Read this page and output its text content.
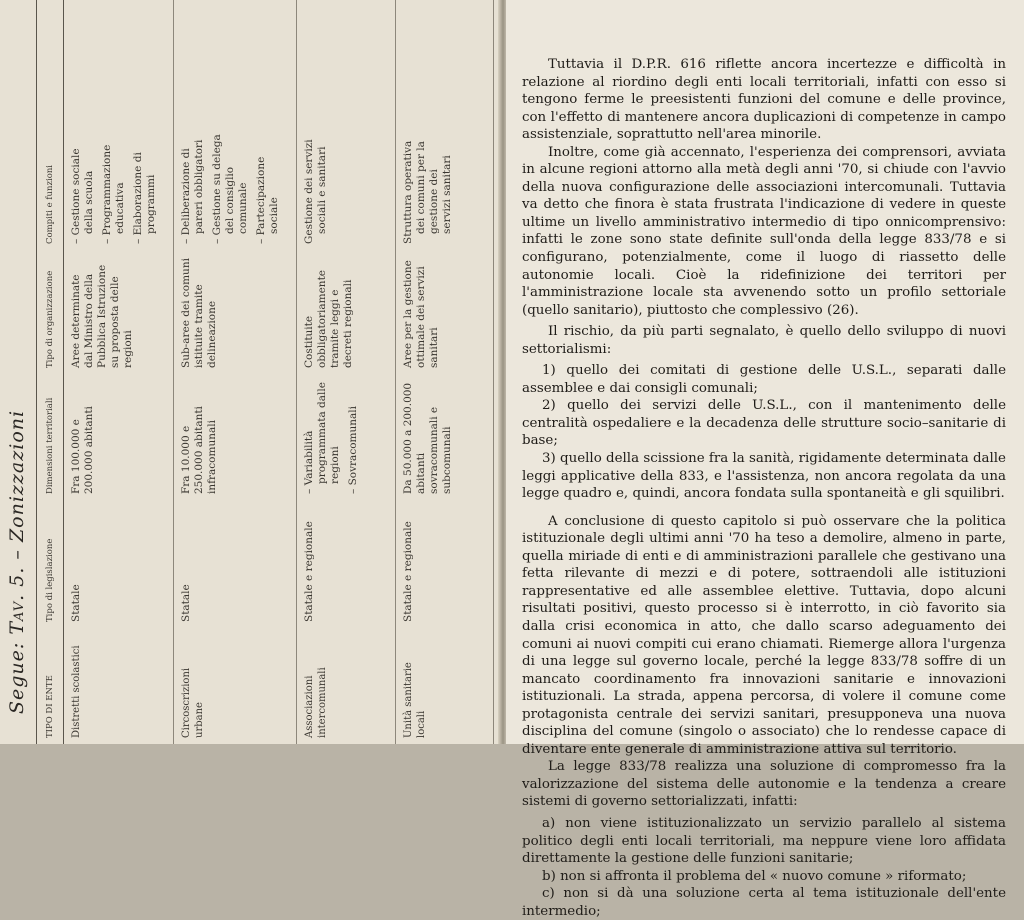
Segue: Tav. 5. – Zonizzazioni
TIPO DI ENTE	Tipo di legislazione	Dimensioni territoriali	Tipo di organizzazione	Compiti e funzioni	
Distretti scolastici	Statale	Fra 100.000 e 200.000 abitanti	Aree determinate dal Ministro della Pubblica Istruzione su proposta delle regioni	– Gestione sociale della scuola – Programmazione educativa – Elaborazione di programmi	

Circoscrizioni urbane	Statale	Fra 10.000 e 250.000 abitanti infracomunali	Sub-aree dei comuni istituite tramite delineazione	– Deliberazione di pareri obbligatori – Gestione su delega del consiglio comunale – Partecipazione sociale	

Associazioni intercomunali	Statale e regionale	– Variabilità programmata dalle regioni – Sovracomunali	Costituite obbligatoriamente tramite leggi e decreti regionali	Gestione dei servizi sociali e sanitari	

Unità sanitarie locali	Statale e regionale	Da 50.000 a 200.000 abitanti sovracomunali e subcomunali	Aree per la gestione ottimale dei servizi sanitari	Struttura operativa dei comuni per la gestione dei servizi sanitari	

Tuttavia il D.P.R. 616 riflette ancora incertezze e difficoltà in relazione al riordino degli enti locali territoriali, infatti con esso si tengono ferme le preesistenti funzioni del comune e delle province, con l'effetto di mantenere ancora duplicazioni di competenze in campo assistenziale, soprattutto nell'area minorile.

Inoltre, come già accennato, l'esperienza dei comprensori, avviata in alcune regioni attorno alla metà degli anni '70, si chiude con l'avvio della nuova configurazione delle associazioni intercomunali. Tuttavia va detto che finora è stata frustrata l'indicazione di vedere in queste ultime un livello amministrativo intermedio di tipo onnicomprensivo: infatti le zone sono state definite sull'onda della legge 833/78 e si configurano, potenzialmente, come il luogo di riassetto delle autonomie locali. Cioè la ridefinizione dei territori per l'amministrazione locale sta avvenendo sotto un profilo settoriale (quello sanitario), piuttosto che complessivo (26).

Il rischio, da più parti segnalato, è quello dello sviluppo di nuovi settorialismi:

1) quello dei comitati di gestione delle U.S.L., separati dalle assemblee e dai consigli comunali;

2) quello dei servizi delle U.S.L., con il mantenimento delle centralità ospedaliere e la decadenza delle strutture socio–sanitarie di base;

3) quello della scissione fra la sanità, rigidamente determinata dalle leggi applicative della 833, e l'assistenza, non ancora regolata da una legge quadro e, quindi, ancora fondata sulla spontaneità e gli squilibri.

A conclusione di questo capitolo si può osservare che la politica istituzionale degli ultimi anni '70 ha teso a demolire, almeno in parte, quella miriade di enti e di amministrazioni parallele che gestivano una fetta rilevante di mezzi e di potere, sottraendoli alle istituzioni rappresentative ed alle assemblee elettive. Tuttavia, dopo alcuni risultati positivi, questo processo si è interrotto, in ciò favorito sia dalla crisi economica in atto, che dallo scarso adeguamento dei comuni ai nuovi compiti cui erano chiamati. Riemerge allora l'urgenza di una legge sul governo locale, perché la legge 833/78 soffre di un mancato coordinamento fra innovazioni sanitarie e innovazioni istituzionali. La strada, appena percorsa, di volere il comune come protagonista centrale dei servizi sanitari, presupponeva una nuova disciplina del comune (singolo o associato) che lo rendesse capace di diventare ente generale di amministrazione attiva sul territorio.

La legge 833/78 realizza una soluzione di compromesso fra la valorizzazione del sistema delle autonomie e la tendenza a creare sistemi di governo settorializzati, infatti:

a) non viene istituzionalizzato un servizio parallelo al sistema politico degli enti locali territoriali, ma neppure viene loro affidata direttamente la gestione delle funzioni sanitarie;

b) non si affronta il problema del « nuovo comune » riformato;

c) non si dà una soluzione certa al tema istituzionale dell'ente intermedio;
